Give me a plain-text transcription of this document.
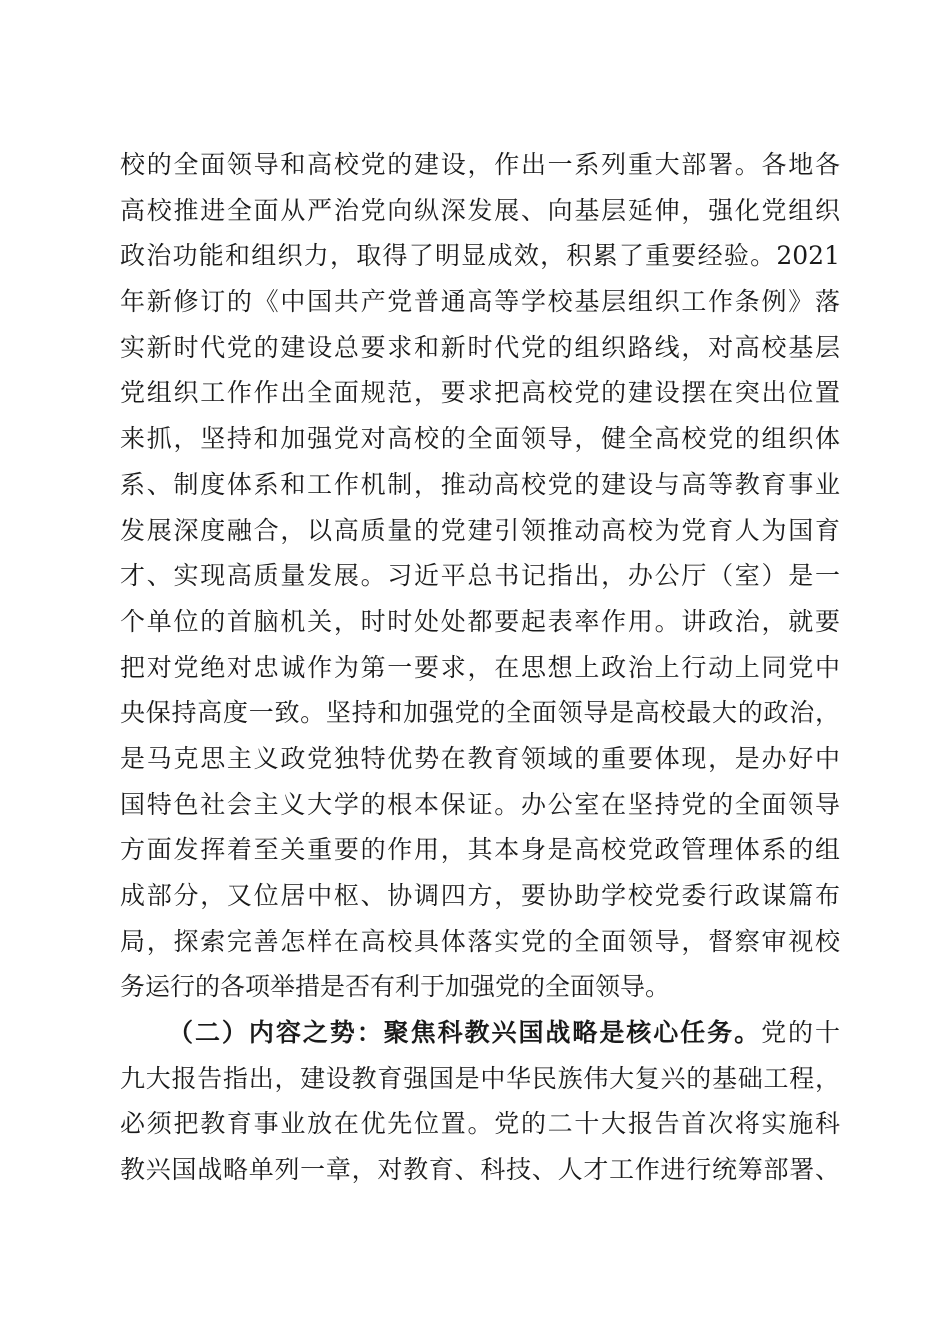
校的全面领导和高校党的建设，作出一系列重大部署。各地各
高校推进全面从严治党向纵深发展、向基层延伸，强化党组织
政治功能和组织力，取得了明显成效，积累了重要经验。2021
年新修订的《中国共产党普通高等学校基层组织工作条例》落
实新时代党的建设总要求和新时代党的组织路线，对高校基层
党组织工作作出全面规范，要求把高校党的建设摆在突出位置
来抓，坚持和加强党对高校的全面领导，健全高校党的组织体
系、制度体系和工作机制，推动高校党的建设与高等教育事业
发展深度融合，以高质量的党建引领推动高校为党育人为国育
才、实现高质量发展。习近平总书记指出，办公厅（室）是一
个单位的首脑机关，时时处处都要起表率作用。讲政治，就要
把对党绝对忠诚作为第一要求，在思想上政治上行动上同党中
央保持高度一致。坚持和加强党的全面领导是高校最大的政治，
是马克思主义政党独特优势在教育领域的重要体现，是办好中
国特色社会主义大学的根本保证。办公室在坚持党的全面领导
方面发挥着至关重要的作用，其本身是高校党政管理体系的组
成部分，又位居中枢、协调四方，要协助学校党委行政谋篇布
局，探索完善怎样在高校具体落实党的全面领导，督察审视校
务运行的各项举措是否有利于加强党的全面领导。
（二）内容之势：聚焦科教兴国战略是核心任务。党的十
九大报告指出，建设教育强国是中华民族伟大复兴的基础工程，
必须把教育事业放在优先位置。党的二十大报告首次将实施科
教兴国战略单列一章，对教育、科技、人才工作进行统筹部署、
